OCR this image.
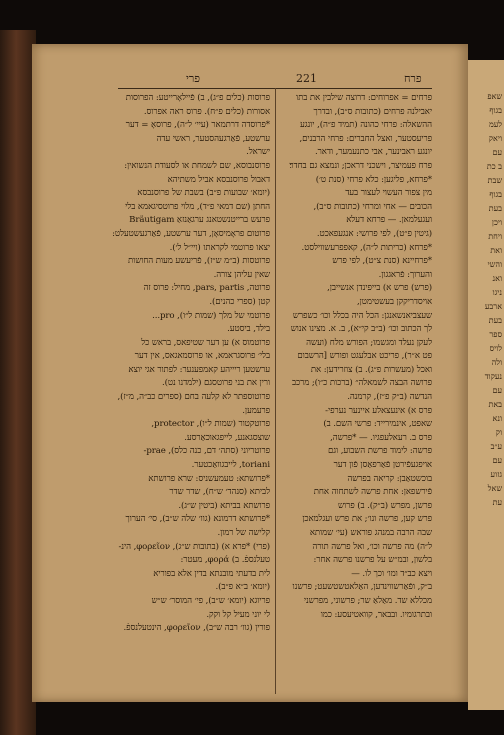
שאפ
בגוף
לעמ
ויאק
עם
ב כת
שבת
בגוף
בעת
ויכן
ויחת
ואת
והשי
ואנ
ניגו
ארבע
בעת
ספר
לויס
ולה
נעקוד
עם
באת
ונא
וק
ע״ב
עם
גזוע
שאל
עת
פרח
221
פרי
פרחים = אפרוחים: דרוצה שילבין את בתו
יאבילנה פרחים (כתובות ס״ב), ובדרך
ההשאלה: פרחי כהונה (תמיד פ״ה), יונגע
פריעסטער, ואצל החברים: פרחי הרבנים,
יונגע ראבינער, אבי כתנעמער, ודאר.
פרח פעמיצר, וישכני דראכן; ונמצא גם בחדר׃
*פרחא, פליגען: כלא פרחי (סנת ט׳)
מין צפור העשוי לעצור בעד
הכובים — אחי ומרחי (כתובות ס״ב),
ועגעלמאן. — פרחא דעלא
(גיטין פ״ט), לפי פרושי: אנגעפאכט.
*פרחא (כריתות ל״ה), קאפפרעשווילסט.
*פרחיינא (סנת צ״ט), לפי פרש
והערוך: פֿראגגון.
(פרש) פרש א) בייפינדן אנשייבן,
אויסדריקקן בעשטימטן,
שעצביאנשאנגן: הכל היה בכלל וכו׳ כשפרש
לך הכתוב וכו׳ (ב״ב קי״א), ב. א. מצינו אנוש
לעקן נעלד ומגשמו; הפורש מלח (ועשה
פט א״ר), פריכט אבלעגט ופורש [הרשבום
ואכל (מעשרות פ״ג). ב) צוזרידען: את
פרושה הבצה לשמאלה״ (ברכות כ״ו); מרכב
הנדשה (ב״ק פ״ז), קרמנה.
פרס א) אינעצאלע איינער נערפי-
שאפט, אינמירייד: פרשי השם. ב)
פרס ב. רעאלעפגיו. — *פרשה,
פרשה: לימוד פרשת השבוע, וגם
אויפגעפֿירטן פֿאַרפאַסן פֿון דער
בוכשטאַבן: קריאה בפרשה
פֿירשפאן: אחת פרשה לשתחוה אחת
פרשן, מפרש (ב״ק). ב) פרוש
פרש קען, פרשה ונו׳; את פרש ועגלמאכן
שבה הרבה במנהג פוראש (עי׳ שמותא
ל״ה) מה פרשה וכו׳, ואל פרשה תורה
בלשון, ובמ״ש על פרשנו פרשה אחר:
ויצא כב״ד ומו׳ וכך לו. —
ב״ק, ופֿאַרשווינדען, האַלאטשטשעט; פרשנו
מכללא שד. מאַלאַ שר; פרשוני, מפרשני
ובתרגומיו. ובבאר, קוואטיעסע: כמו
פרוסות (כלים פ״ג), ב) פֿיילאָרייטע: הפרוסות
אסורות (כלים פ״ח). פרוס ראה אפרוס.
*פרוסדה דרתמאר (עיי׳ ל״ה), פרוסאָ = דער
ערשטע, פֿאַרגעהסטער, ראשי עדה
ישראל.
פרוסנבוסא, שם לשמחת או לסעודת הנשואין:
דאבול פרוסנבסא אביל משתיהא
(יומא׳ שבועות פ״ב) בשבת של פרוסנבסא
החתן (שם דמאי פ״ד), מלוי פרוטסיגאמא בלי
פרעש ברייטנשטאנג ערגאַנזאַ Bräutigam
פרוטום פראָמיסאָן, דער ערשטע, פֿאַרגעשטעלט:
יצאו פרוטמי לקראתו (ויי״ל ל׳).
פרוטסות (ב״מ ש״ז), פֿריעשע מעות החושות
שאין עליהן צורה.
פרוטה, pars, partis, מחיל: פרוס זה
קטן (ספרי כהנים).
פרוטמי של מלך (שמות ל״ו), pro...
בילד, ביסטע.
פרוטמוס א) ען דער שטיפאס, בראש כל
בלי׳ פרוסגראמא, או פרוסמאגאס, אין דער
ערשטען ריייהע קאמפענער: לפתור אגי יוצא
ורין את בני פרוטסגם (ילמדנו נט).
פרוטוספתר לא קלעה בחם (ספרים כב״ה, מ״ז),
פרעמען.
פרוטקטור (שמות ל״ו), protector,
שוצסגאנע, לייפגאוכאַרסע.
פרוטריוני (סתה׳ דם, כנה כלס), prae-
toriani, לייבגוואַכטער.
*פרושתא: טעמעשניס: שרא פרושתא
לביתא (סנהד׳ ש״ח), שדר שדר
פרושתא בביתא (ביטין ש״ג).
*פרושתא דרמונא (גוו׳ שלה ש״ב), סי׳ הערוך
קלישה של רמון.
(פרי) *פרא א) (בתובות ש״ג), φορεῖον, הינ-
טעלנספֿ. ב) φορά, מעטר:
לית בדעתי מובנתא בדין אלא בפוריא
(יומא׳ ב״א פ״ב).
פריוגא (יומא׳ ש״ב), פי׳ המוסר׳ ש״ש
לי יוני מעיל קל וקק.
פורין (גוו׳ רבה ש״ב), φορεῖον, הינטעלנספֿ.
